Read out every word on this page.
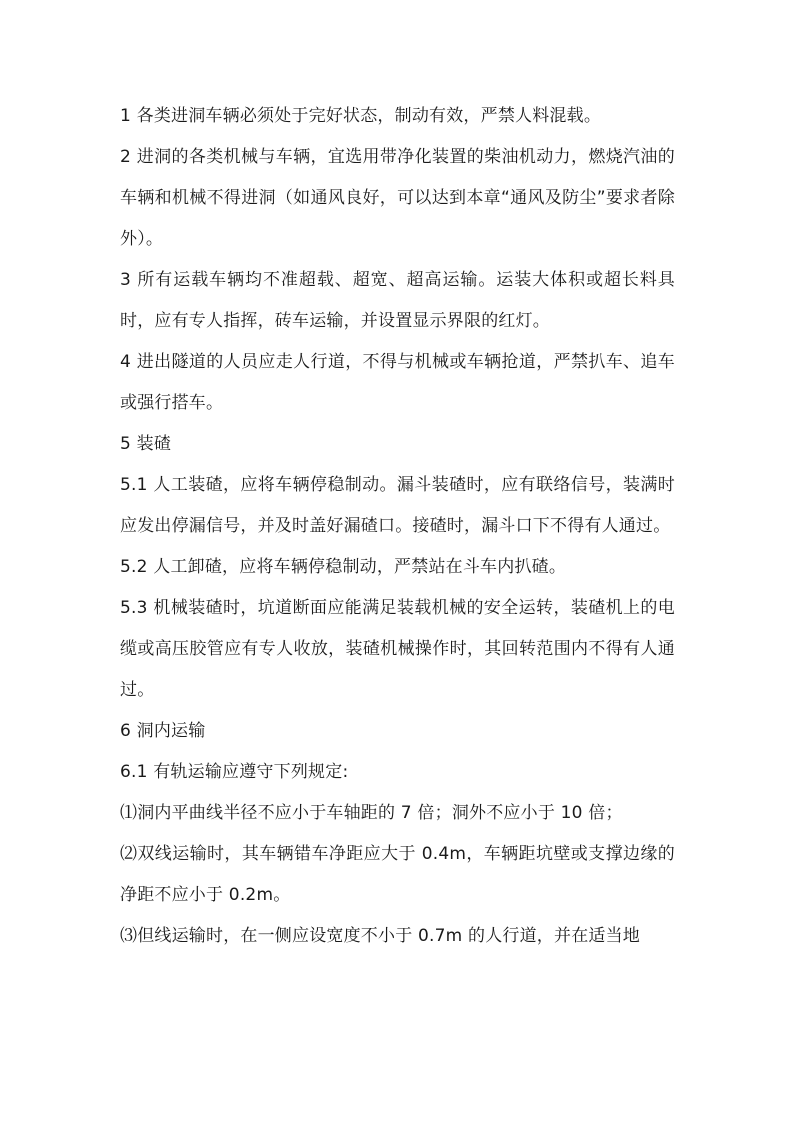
1 各类进洞车辆必须处于完好状态，制动有效，严禁人料混载。

2 进洞的各类机械与车辆，宜选用带净化装置的柴油机动力，燃烧汽油的车辆和机械不得进洞（如通风良好，可以达到本章“通风及防尘”要求者除外）。

3 所有运载车辆均不准超载、超宽、超高运输。运装大体积或超长料具时，应有专人指挥，砖车运输，并设置显示界限的红灯。

4 进出隧道的人员应走人行道，不得与机械或车辆抢道，严禁扒车、追车或强行搭车。

5 装碴

5.1 人工装碴，应将车辆停稳制动。漏斗装碴时，应有联络信号，装满时应发出停漏信号，并及时盖好漏碴口。接碴时，漏斗口下不得有人通过。

5.2 人工卸碴，应将车辆停稳制动，严禁站在斗车内扒碴。

5.3 机械装碴时，坑道断面应能满足装载机械的安全运转，装碴机上的电缆或高压胶管应有专人收放，装碴机械操作时，其回转范围内不得有人通过。

6 洞内运输

6.1 有轨运输应遵守下列规定:

⑴洞内平曲线半径不应小于车轴距的 7 倍；洞外不应小于 10 倍；

⑵双线运输时，其车辆错车净距应大于 0.4m，车辆距坑壁或支撑边缘的净距不应小于 0.2m。

⑶但线运输时，在一侧应设宽度不小于 0.7m 的人行道，并在适当地
